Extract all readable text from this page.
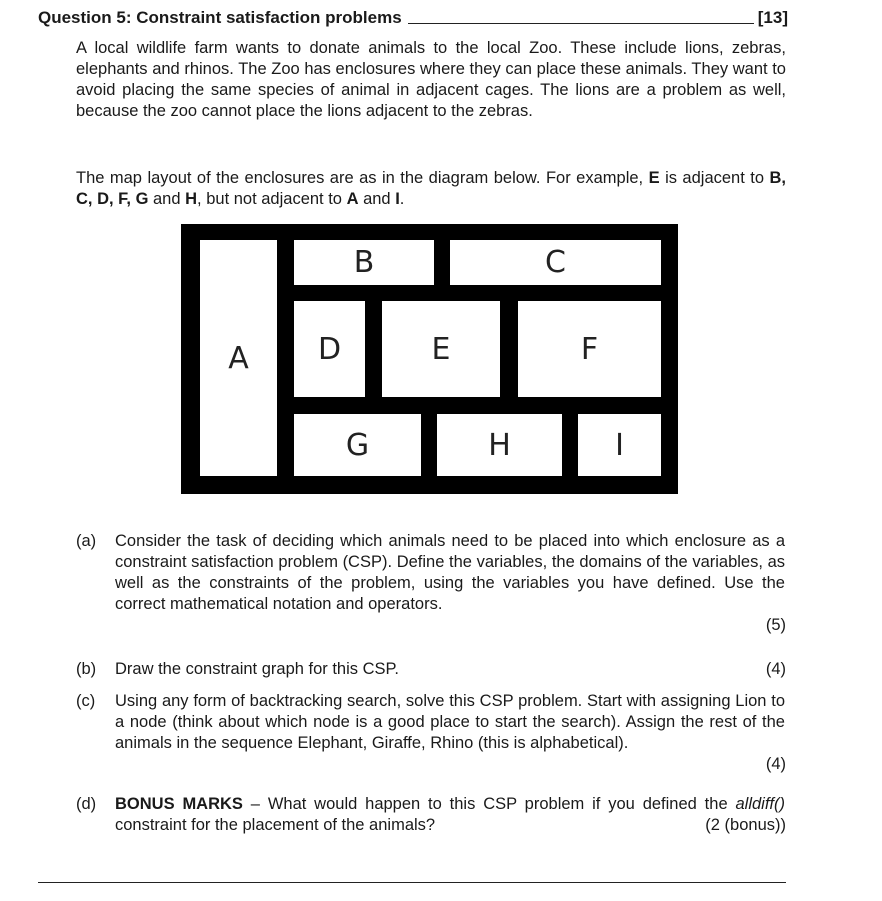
Question 5: Constraint satisfaction problems	[13]
A local wildlife farm wants to donate animals to the local Zoo. These include lions, zebras, elephants and rhinos. The Zoo has enclosures where they can place these animals. They want to avoid placing the same species of animal in adjacent cages. The lions are a problem as well, because the zoo cannot place the lions adjacent to the zebras.
The map layout of the enclosures are as in the diagram below. For example, E is adjacent to B, C, D, F, G and H, but not adjacent to A and I.
A
B	C
D	E	F
G	H	I
(a) Consider the task of deciding which animals need to be placed into which enclosure as a constraint satisfaction problem (CSP). Define the variables, the domains of the variables, as well as the constraints of the problem, using the variables you have defined. Use the correct mathematical notation and operators.
(5)
(b) Draw the constraint graph for this CSP.	(4)
(c) Using any form of backtracking search, solve this CSP problem. Start with assigning Lion to a node (think about which node is a good place to start the search). Assign the rest of the animals in the sequence Elephant, Giraffe, Rhino (this is alphabetical).
(4)
(d) BONUS MARKS – What would happen to this CSP problem if you defined the alldiff() constraint for the placement of the animals?	(2 (bonus))
